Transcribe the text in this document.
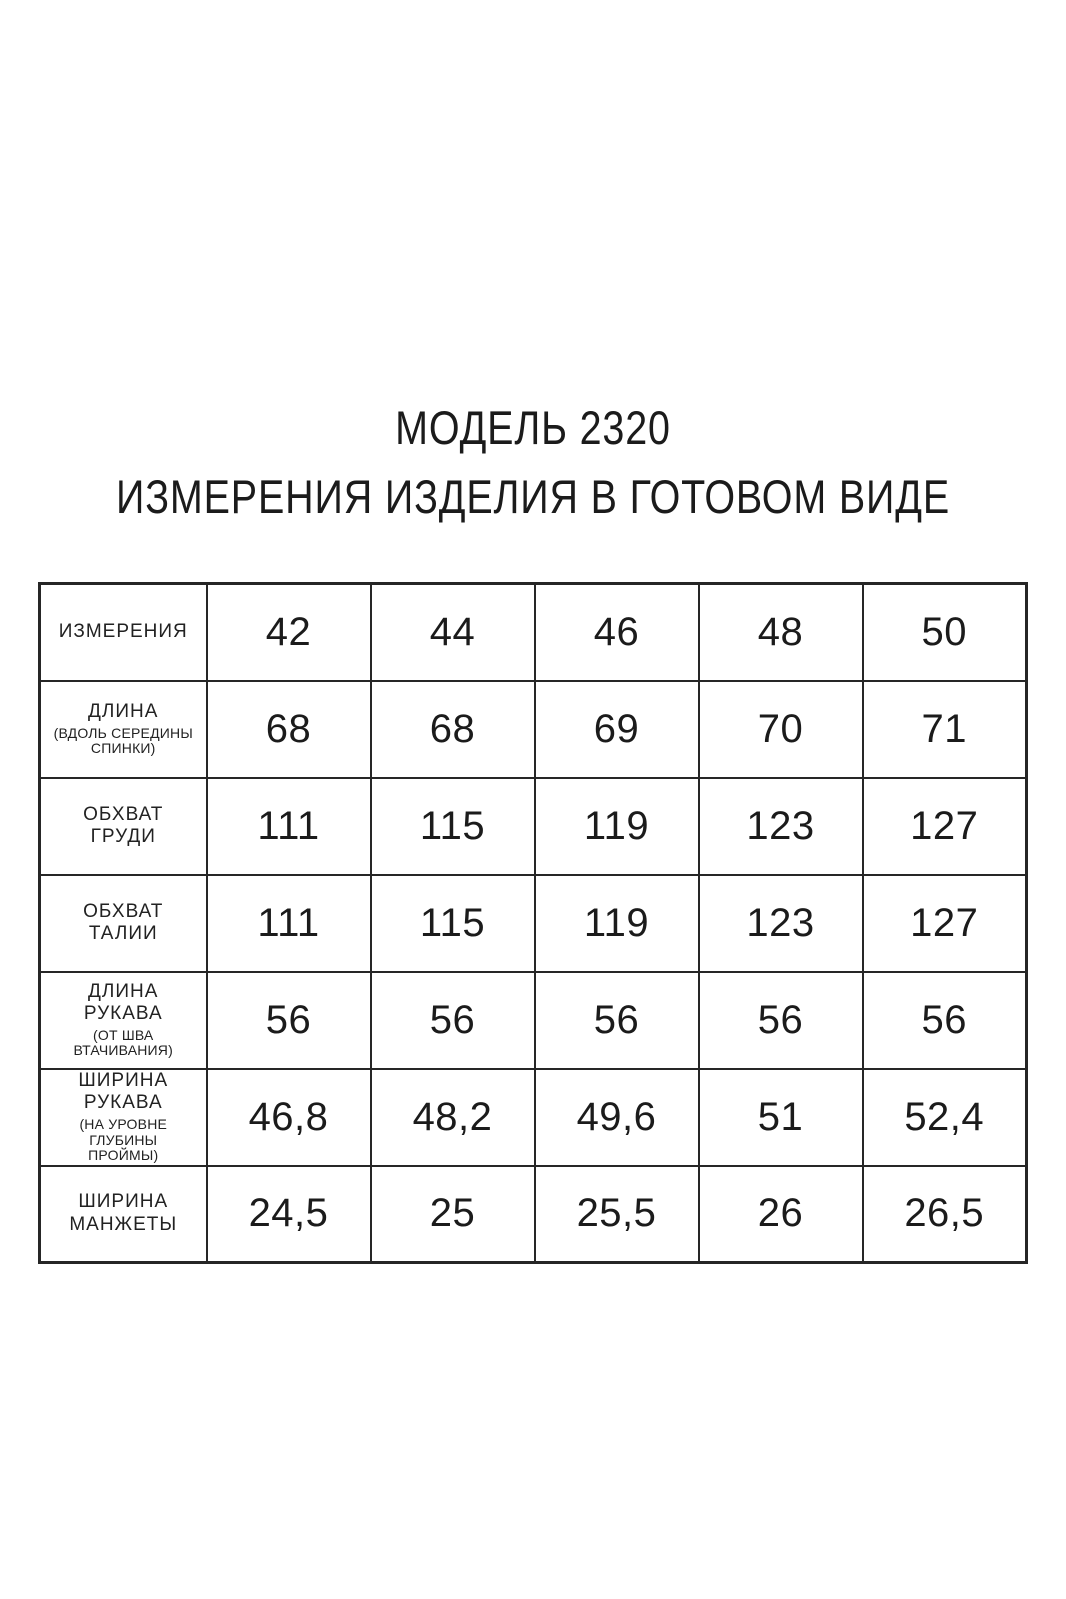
МОДЕЛЬ 2320
ИЗМЕРЕНИЯ ИЗДЕЛИЯ В ГОТОВОМ ВИДЕ
ИЗМЕРЕНИЯ	42	44	46	48	50

ДЛИНА
(ВДОЛЬ СЕРЕДИНЫ СПИНКИ)	68	68	69	70	71

ОБХВАТ ГРУДИ	111	115	119	123	127

ОБХВАТ ТАЛИИ	111	115	119	123	127

ДЛИНА РУКАВА
(ОТ ШВА ВТАЧИВАНИЯ)	56	56	56	56	56

ШИРИНА РУКАВА
(НА УРОВНЕ ГЛУБИНЫ ПРОЙМЫ)	46,8	48,2	49,6	51	52,4

ШИРИНА МАНЖЕТЫ	24,5	25	25,5	26	26,5
